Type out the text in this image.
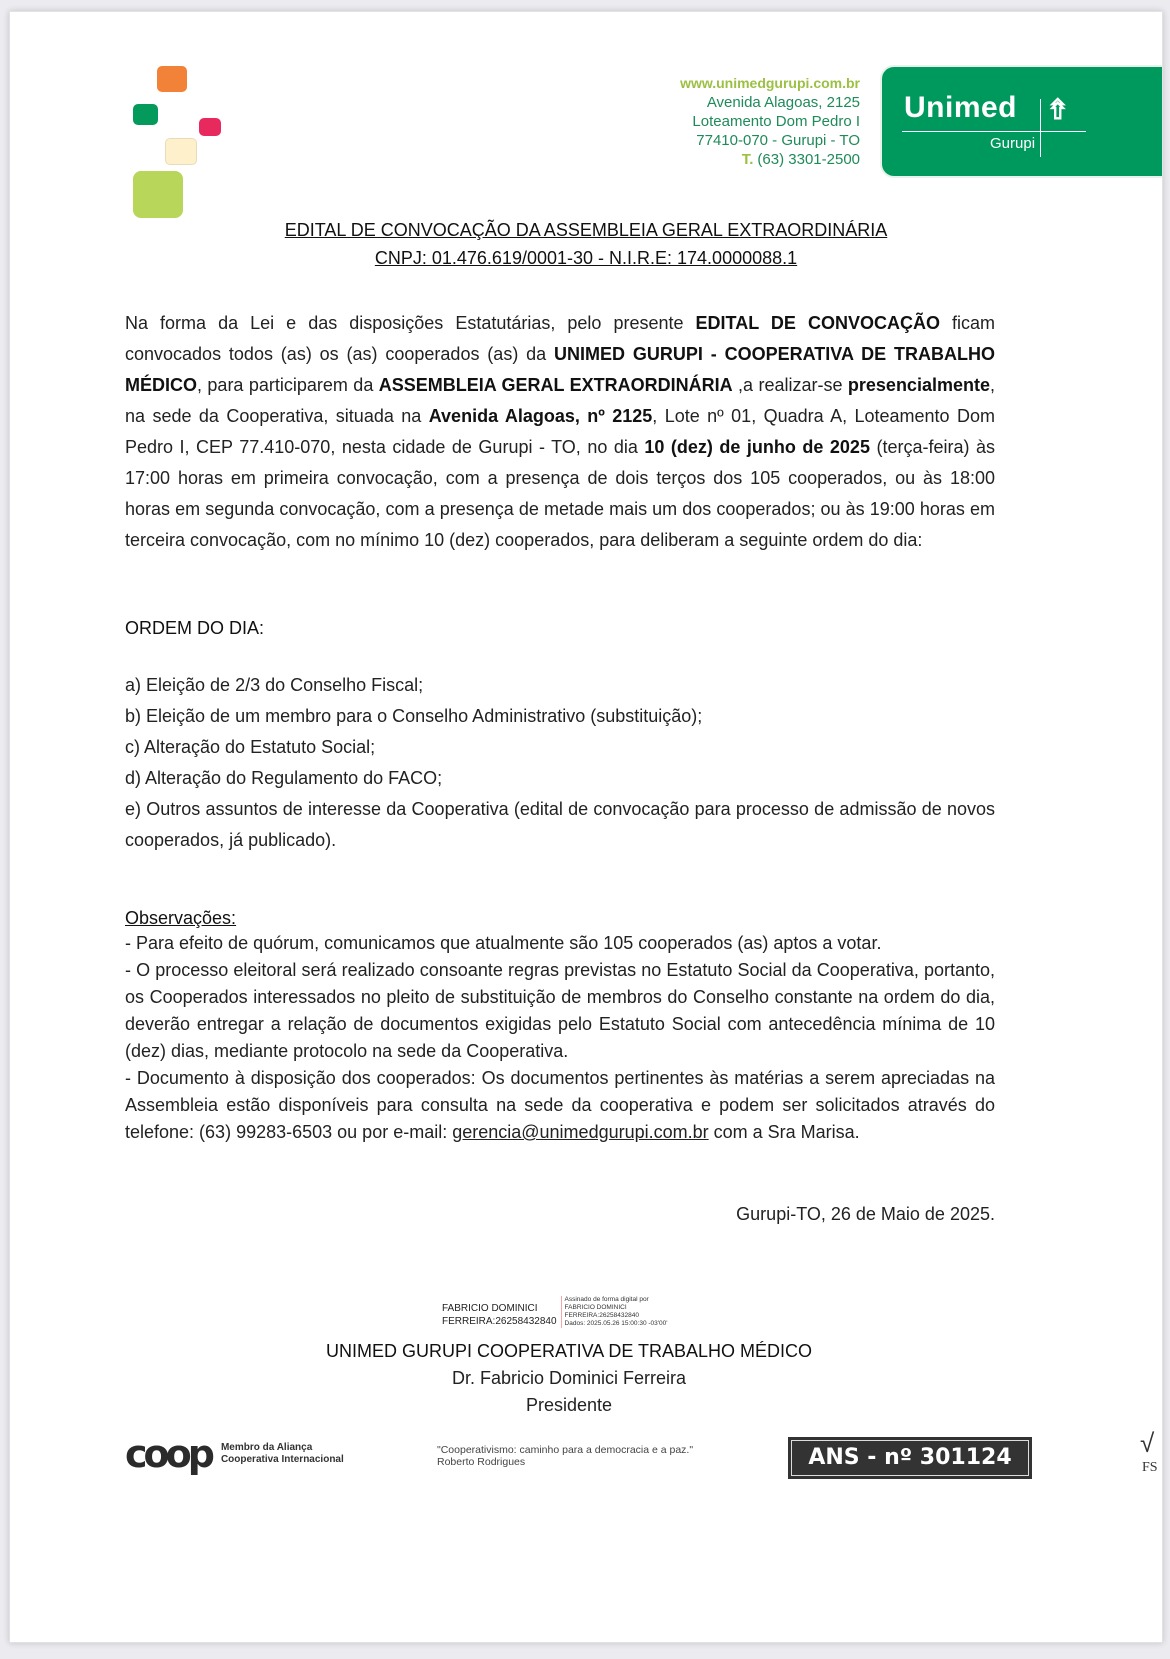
www.unimedgurupi.com.br
Avenida Alagoas, 2125
Loteamento Dom Pedro I
77410-070 - Gurupi - TO
T. (63) 3301-2500
Unimed ⇮
Gurupi
EDITAL DE CONVOCAÇÃO DA ASSEMBLEIA GERAL EXTRAORDINÁRIA
CNPJ: 01.476.619/0001-30 - N.I.R.E: 174.0000088.1
Na forma da Lei e das disposições Estatutárias, pelo presente EDITAL DE CONVOCAÇÃO ficam convocados todos (as) os (as) cooperados (as) da UNIMED GURUPI - COOPERATIVA DE TRABALHO MÉDICO, para participarem da ASSEMBLEIA GERAL EXTRAORDINÁRIA ,a realizar-se presencialmente, na sede da Cooperativa, situada na Avenida Alagoas, nº 2125, Lote nº 01, Quadra A, Loteamento Dom Pedro I, CEP 77.410-070, nesta cidade de Gurupi - TO, no dia 10 (dez) de junho de 2025 (terça-feira) às 17:00 horas em primeira convocação, com a presença de dois terços dos 105 cooperados, ou às 18:00 horas em segunda convocação, com a presença de metade mais um dos cooperados; ou às 19:00 horas em terceira convocação, com no mínimo 10 (dez) cooperados, para deliberam a seguinte ordem do dia:
ORDEM DO DIA:
a) Eleição de 2/3 do Conselho Fiscal;
b) Eleição de um membro para o Conselho Administrativo (substituição);
c) Alteração do Estatuto Social;
d) Alteração do Regulamento do FACO;
e) Outros assuntos de interesse da Cooperativa (edital de convocação para processo de admissão de novos cooperados, já publicado).
Observações:
- Para efeito de quórum, comunicamos que atualmente são 105 cooperados (as) aptos a votar.
- O processo eleitoral será realizado consoante regras previstas no Estatuto Social da Cooperativa, portanto, os Cooperados interessados no pleito de substituição de membros do Conselho constante na ordem do dia, deverão entregar a relação de documentos exigidas pelo Estatuto Social com antecedência mínima de 10 (dez) dias, mediante protocolo na sede da Cooperativa.
- Documento à disposição dos cooperados: Os documentos pertinentes às matérias a serem apreciadas na Assembleia estão disponíveis para consulta na sede da cooperativa e podem ser solicitados através do telefone: (63) 99283-6503 ou por e-mail: gerencia@unimedgurupi.com.br com a Sra Marisa.
Gurupi-TO, 26 de Maio de 2025.
FABRICIO DOMINICI
FERREIRA:26258432840
Assinado de forma digital por
FABRICIO DOMINICI
FERREIRA:26258432840
Dados: 2025.05.26 15:00:30 -03'00'
UNIMED GURUPI COOPERATIVA DE TRABALHO MÉDICO
Dr. Fabricio Dominici Ferreira
Presidente
coop Membro da Aliança
Cooperativa Internacional
"Cooperativismo: caminho para a democracia e a paz."
Roberto Rodrigues	ANS - nº 301124	√
FS
